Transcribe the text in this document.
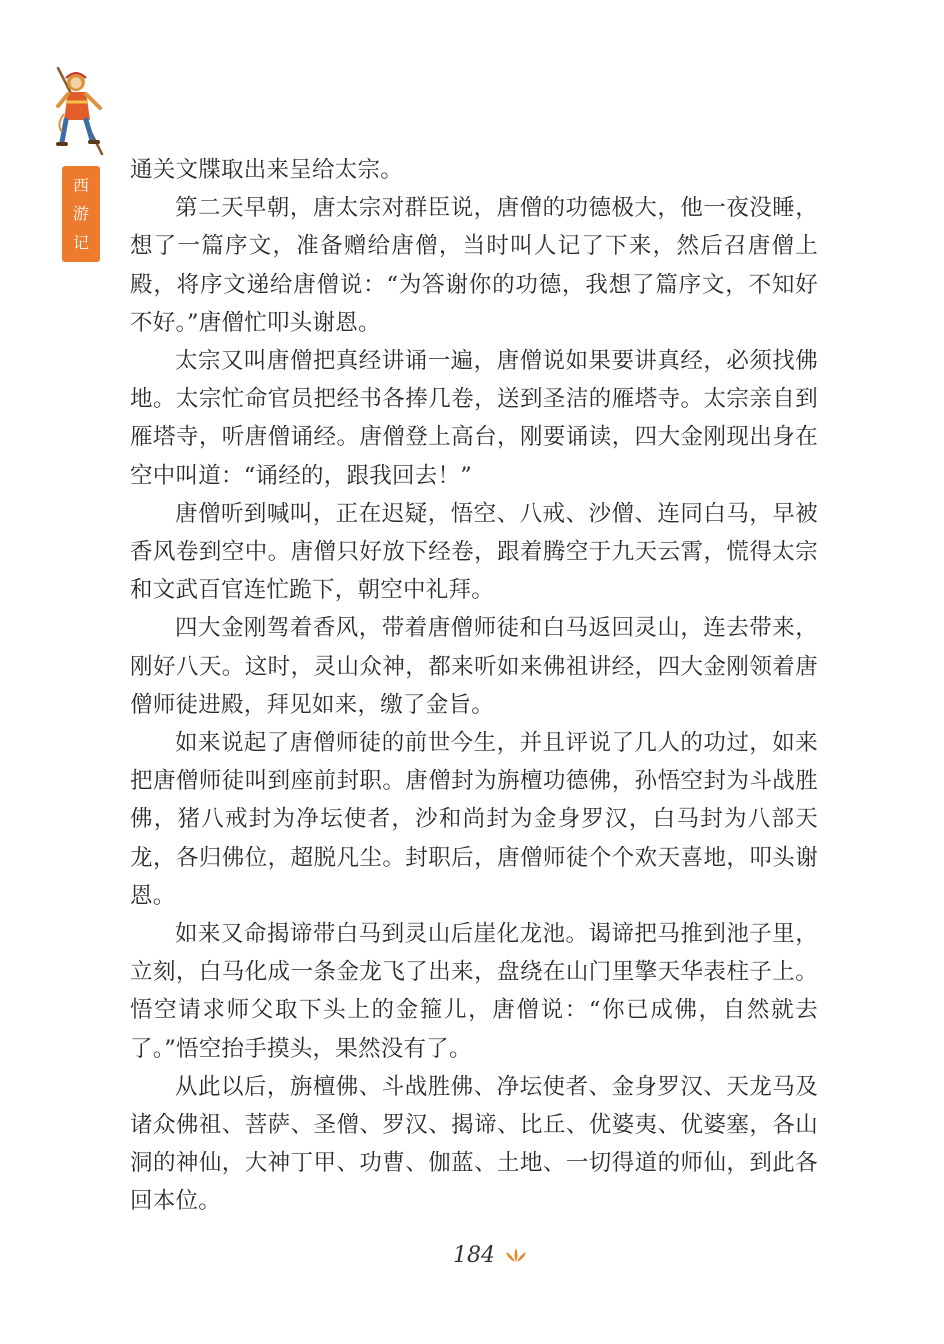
西
游
记

通关文牒取出来呈给太宗。

第二天早朝，唐太宗对群臣说，唐僧的功德极大，他一夜没睡，想了一篇序文，准备赠给唐僧，当时叫人记了下来，然后召唐僧上殿，将序文递给唐僧说：“为答谢你的功德，我想了篇序文，不知好不好。”唐僧忙叩头谢恩。

太宗又叫唐僧把真经讲诵一遍，唐僧说如果要讲真经，必须找佛地。太宗忙命官员把经书各捧几卷，送到圣洁的雁塔寺。太宗亲自到雁塔寺，听唐僧诵经。唐僧登上高台，刚要诵读，四大金刚现出身在空中叫道：“诵经的，跟我回去！”

唐僧听到喊叫，正在迟疑，悟空、八戒、沙僧、连同白马，早被香风卷到空中。唐僧只好放下经卷，跟着腾空于九天云霄，慌得太宗和文武百官连忙跪下，朝空中礼拜。

四大金刚驾着香风，带着唐僧师徒和白马返回灵山，连去带来，刚好八天。这时，灵山众神，都来听如来佛祖讲经，四大金刚领着唐僧师徒进殿，拜见如来，缴了金旨。

如来说起了唐僧师徒的前世今生，并且评说了几人的功过，如来把唐僧师徒叫到座前封职。唐僧封为旃檀功德佛，孙悟空封为斗战胜佛，猪八戒封为净坛使者，沙和尚封为金身罗汉，白马封为八部天龙，各归佛位，超脱凡尘。封职后，唐僧师徒个个欢天喜地，叩头谢恩。

如来又命揭谛带白马到灵山后崖化龙池。谒谛把马推到池子里，立刻，白马化成一条金龙飞了出来，盘绕在山门里擎天华表柱子上。悟空请求师父取下头上的金箍儿，唐僧说：“你已成佛，自然就去了。”悟空抬手摸头，果然没有了。

从此以后，旃檀佛、斗战胜佛、净坛使者、金身罗汉、天龙马及诸众佛祖、菩萨、圣僧、罗汉、揭谛、比丘、优婆夷、优婆塞，各山洞的神仙，大神丁甲、功曹、伽蓝、土地、一切得道的师仙，到此各回本位。

184
